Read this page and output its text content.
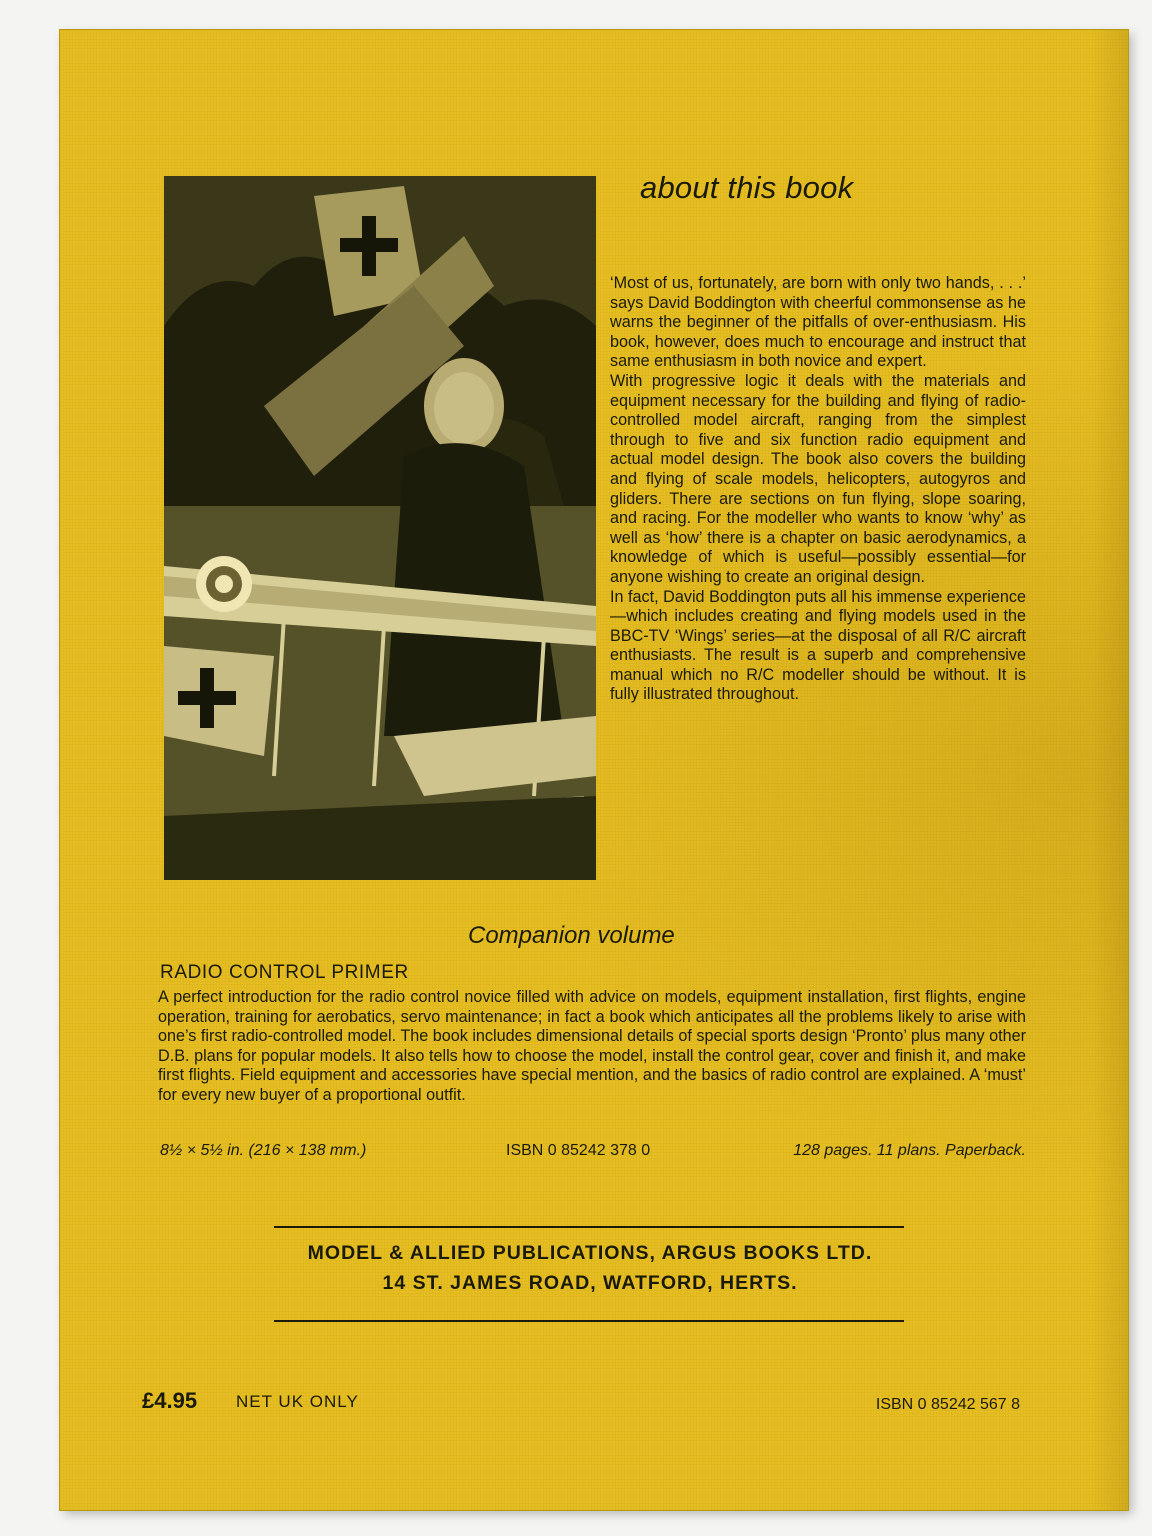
about this book

‘Most of us, fortunately, are born with only two hands, . . .’ says David Boddington with cheerful commonsense as he warns the beginner of the pitfalls of over-enthusiasm. His book, however, does much to encourage and instruct that same enthusiasm in both novice and expert.

With progressive logic it deals with the materials and equipment necessary for the building and flying of radio-controlled model aircraft, ranging from the simplest through to five and six function radio equipment and actual model design. The book also covers the building and flying of scale models, helicopters, autogyros and gliders. There are sections on fun flying, slope soaring, and racing. For the modeller who wants to know ‘why’ as well as ‘how’ there is a chapter on basic aerodynamics, a knowledge of which is useful—possibly essential—for anyone wishing to create an original design.

In fact, David Boddington puts all his immense experience—which includes creating and flying models used in the BBC-TV ‘Wings’ series—at the disposal of all R/C aircraft enthusiasts. The result is a superb and comprehensive manual which no R/C modeller should be without. It is fully illustrated throughout.

Companion volume
RADIO CONTROL PRIMER
A perfect introduction for the radio control novice filled with advice on models, equipment installation, first flights, engine operation, training for aerobatics, servo maintenance; in fact a book which anticipates all the problems likely to arise with one’s first radio-controlled model. The book includes dimensional details of special sports design ‘Pronto’ plus many other D.B. plans for popular models. It also tells how to choose the model, install the control gear, cover and finish it, and make first flights. Field equipment and accessories have special mention, and the basics of radio control are explained. A ‘must’ for every new buyer of a proportional outfit.
8½ × 5½ in. (216 × 138 mm.)	ISBN 0 85242 378 0	128 pages. 11 plans. Paperback.
MODEL & ALLIED PUBLICATIONS, ARGUS BOOKS LTD.
14 ST. JAMES ROAD, WATFORD, HERTS.
£4.95 NET UK ONLY	ISBN 0 85242 567 8
